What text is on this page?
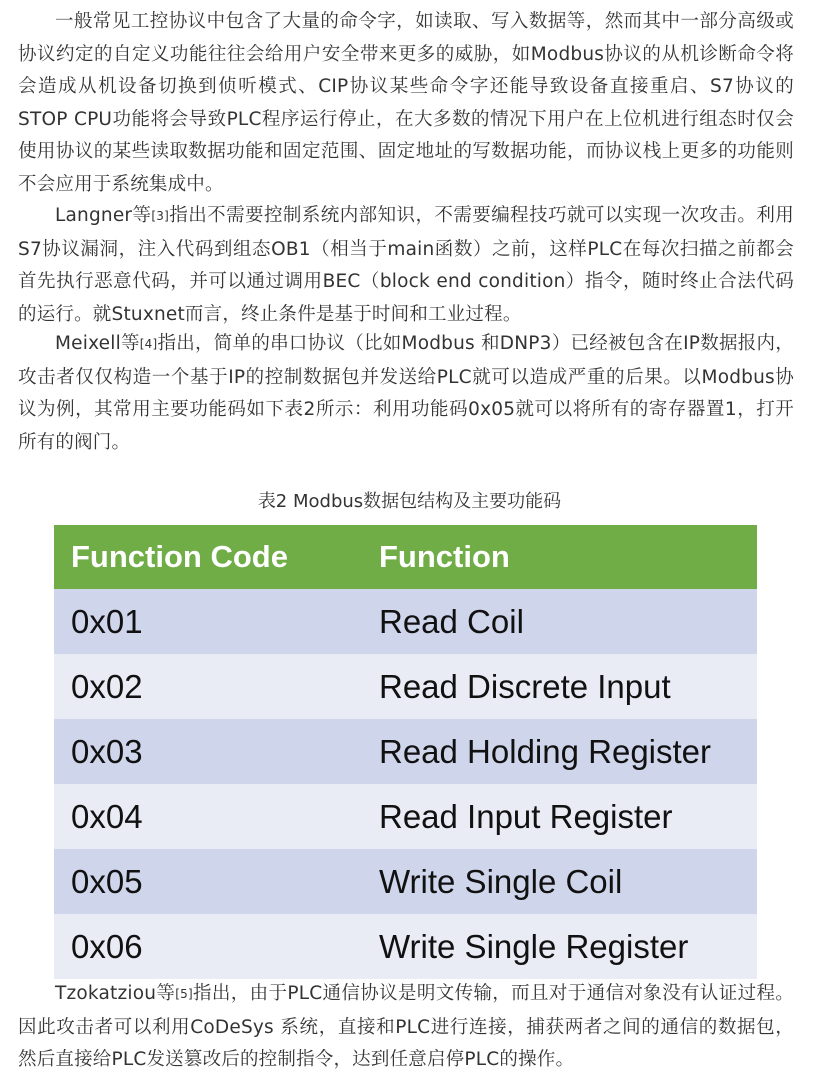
一般常见工控协议中包含了大量的命令字，如读取、写入数据等，然而其中一部分高级或协议约定的自定义功能往往会给用户安全带来更多的威胁，如Modbus协议的从机诊断命令将会造成从机设备切换到侦听模式、CIP协议某些命令字还能导致设备直接重启、S7协议的STOP CPU功能将会导致PLC程序运行停止，在大多数的情况下用户在上位机进行组态时仅会使用协议的某些读取数据功能和固定范围、固定地址的写数据功能，而协议栈上更多的功能则不会应用于系统集成中。

Langner等[3]指出不需要控制系统内部知识，不需要编程技巧就可以实现一次攻击。利用S7协议漏洞，注入代码到组态OB1（相当于main函数）之前，这样PLC在每次扫描之前都会首先执行恶意代码，并可以通过调用BEC（block end condition）指令，随时终止合法代码的运行。就Stuxnet而言，终止条件是基于时间和工业过程。

Meixell等[4]指出，简单的串口协议（比如Modbus 和DNP3）已经被包含在IP数据报内，攻击者仅仅构造一个基于IP的控制数据包并发送给PLC就可以造成严重的后果。以Modbus协议为例，其常用主要功能码如下表2所示：利用功能码0x05就可以将所有的寄存器置1，打开所有的阀门。

表2 Modbus数据包结构及主要功能码
Function Code	Function
0x01	Read Coil
0x02	Read Discrete Input
0x03	Read Holding Register
0x04	Read Input Register
0x05	Write Single Coil
0x06	Write Single Register

Tzokatziou等[5]指出，由于PLC通信协议是明文传输，而且对于通信对象没有认证过程。因此攻击者可以利用CoDeSys 系统，直接和PLC进行连接，捕获两者之间的通信的数据包，然后直接给PLC发送篡改后的控制指令，达到任意启停PLC的操作。
